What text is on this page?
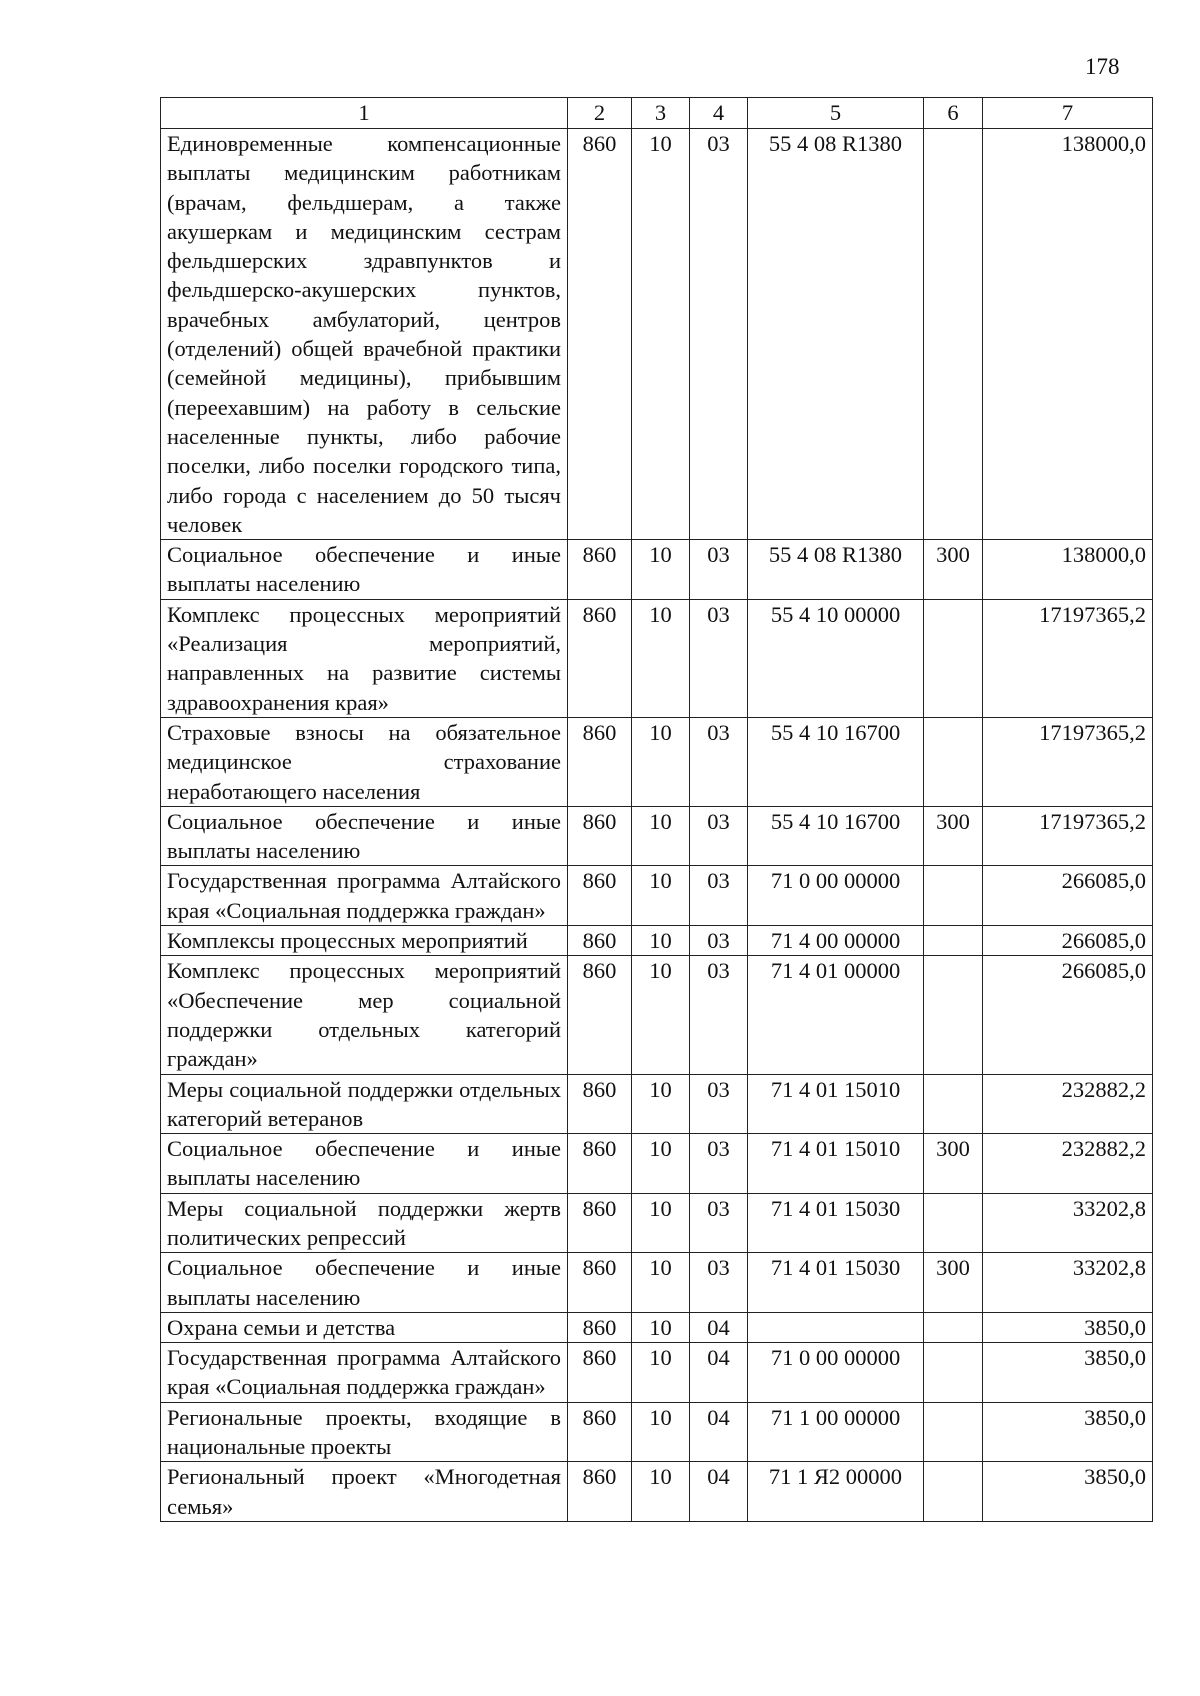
178
1	2	3	4	5	6	7
Единовременные компенсационные выплаты медицинским работникам (врачам, фельдшерам, а также акушеркам и медицинским сестрам фельдшерских здравпунктов и фельдшерско-акушерских пунктов, врачебных амбулаторий, центров (отделений) общей врачебной практики (семейной медицины), прибывшим (переехавшим) на работу в сельские населенные пункты, либо рабочие поселки, либо поселки городского типа, либо города с населением до 50 тысяч человек	860	10	03	55 4 08 R1380		138000,0
Социальное обеспечение и иные выплаты населению	860	10	03	55 4 08 R1380	300	138000,0
Комплекс процессных мероприятий «Реализация мероприятий, направленных на развитие системы здравоохранения края»	860	10	03	55 4 10 00000		17197365,2
Страховые взносы на обязательное медицинское страхование неработающего населения	860	10	03	55 4 10 16700		17197365,2
Социальное обеспечение и иные выплаты населению	860	10	03	55 4 10 16700	300	17197365,2
Государственная программа Алтайского края «Социальная поддержка граждан»	860	10	03	71 0 00 00000		266085,0
Комплексы процессных мероприятий	860	10	03	71 4 00 00000		266085,0
Комплекс процессных мероприятий «Обеспечение мер социальной поддержки отдельных категорий граждан»	860	10	03	71 4 01 00000		266085,0
Меры социальной поддержки отдельных категорий ветеранов	860	10	03	71 4 01 15010		232882,2
Социальное обеспечение и иные выплаты населению	860	10	03	71 4 01 15010	300	232882,2
Меры социальной поддержки жертв политических репрессий	860	10	03	71 4 01 15030		33202,8
Социальное обеспечение и иные выплаты населению	860	10	03	71 4 01 15030	300	33202,8
Охрана семьи и детства	860	10	04			3850,0
Государственная программа Алтайского края «Социальная поддержка граждан»	860	10	04	71 0 00 00000		3850,0
Региональные проекты, входящие в национальные проекты	860	10	04	71 1 00 00000		3850,0
Региональный проект «Многодетная семья»	860	10	04	71 1 Я2 00000		3850,0
